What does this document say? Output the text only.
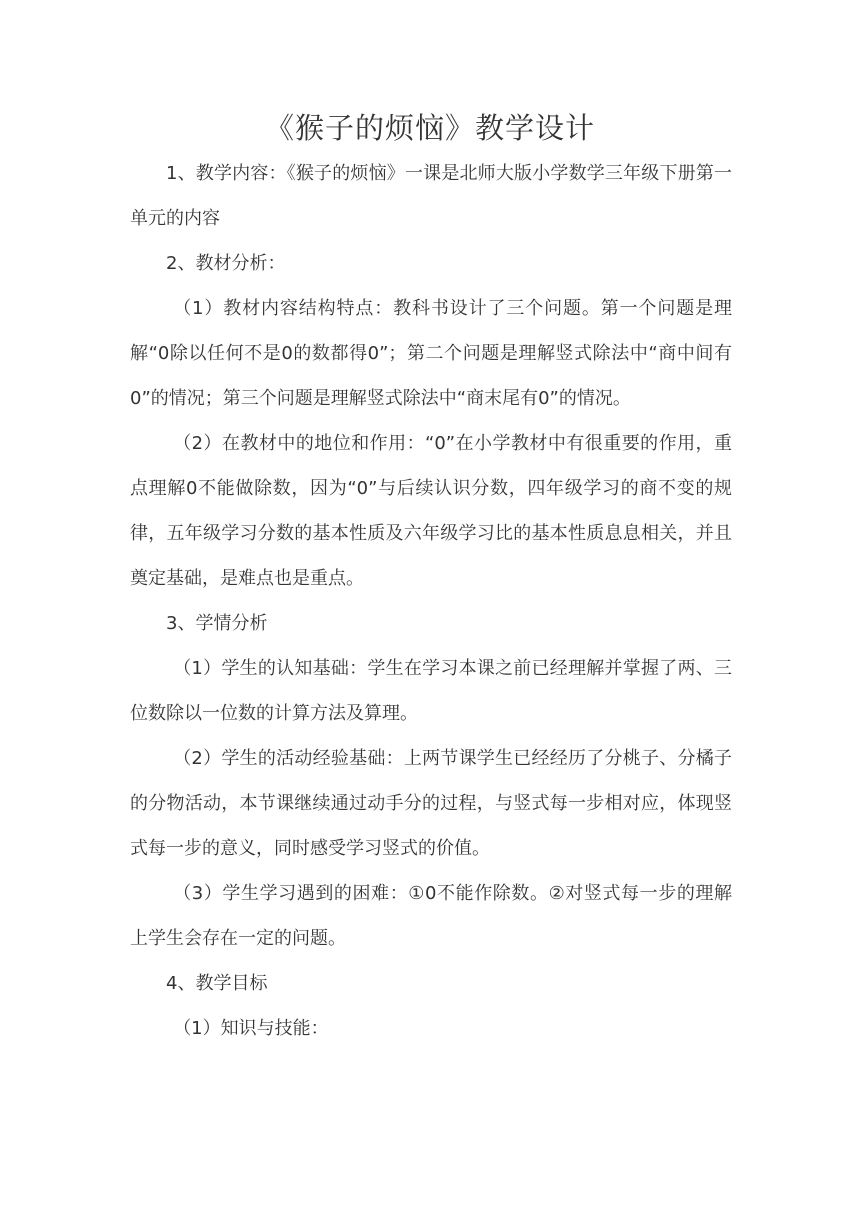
《猴子的烦恼》教学设计

1、教学内容：《猴子的烦恼》一课是北师大版小学数学三年级下册第一单元的内容

2、教材分析：

（1）教材内容结构特点：教科书设计了三个问题。第一个问题是理解“0除以任何不是0的数都得0”；第二个问题是理解竖式除法中“商中间有0”的情况；第三个问题是理解竖式除法中“商末尾有0”的情况。

（2）在教材中的地位和作用：“0”在小学教材中有很重要的作用，重点理解0不能做除数，因为“0”与后续认识分数，四年级学习的商不变的规律，五年级学习分数的基本性质及六年级学习比的基本性质息息相关，并且奠定基础，是难点也是重点。

3、学情分析

（1）学生的认知基础：学生在学习本课之前已经理解并掌握了两、三位数除以一位数的计算方法及算理。

（2）学生的活动经验基础：上两节课学生已经经历了分桃子、分橘子的分物活动，本节课继续通过动手分的过程，与竖式每一步相对应，体现竖式每一步的意义，同时感受学习竖式的价值。

（3）学生学习遇到的困难：①0不能作除数。②对竖式每一步的理解上学生会存在一定的问题。

4、教学目标

（1）知识与技能：
